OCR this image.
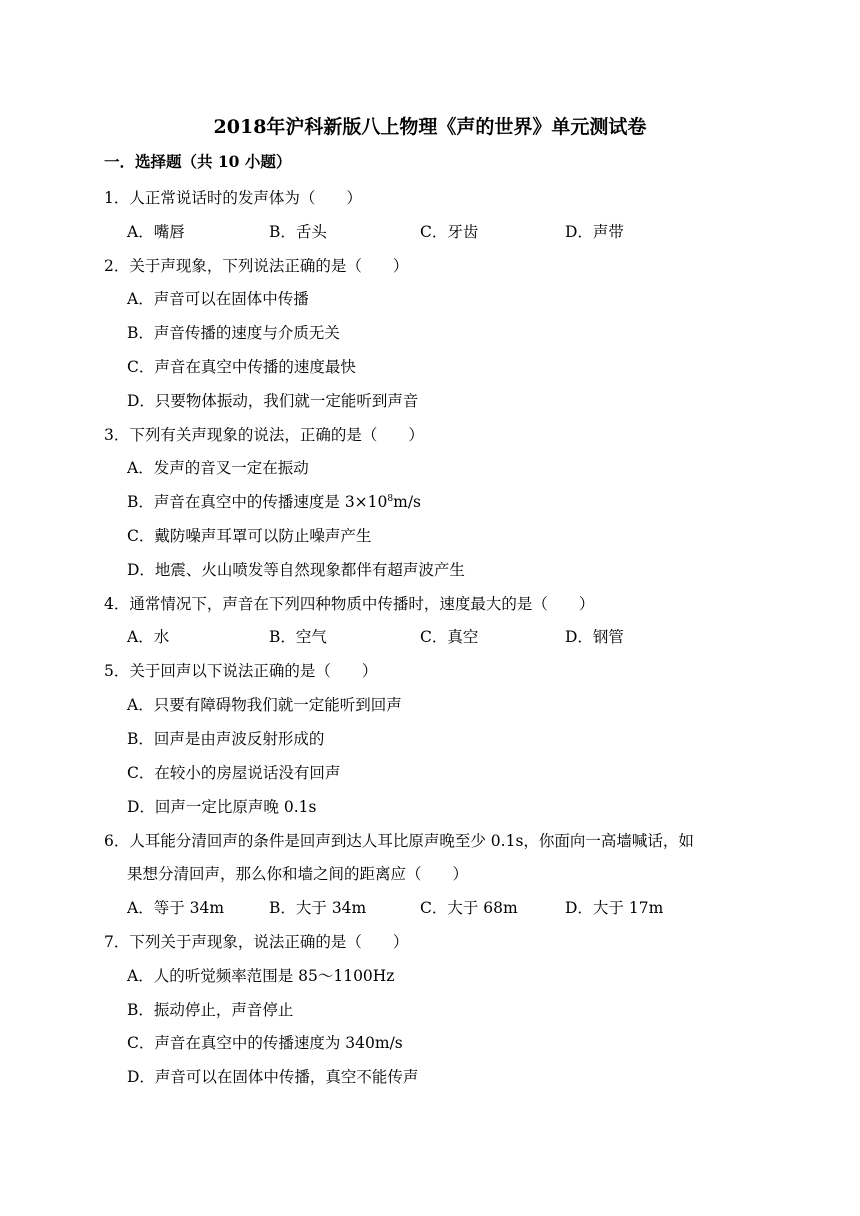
2018年沪科新版八上物理《声的世界》单元测试卷
一．选择题（共 10 小题）
1．人正常说话时的发声体为（　　）
A．嘴唇	B．舌头	C．牙齿	D．声带
2．关于声现象，下列说法正确的是（　　）
A．声音可以在固体中传播
B．声音传播的速度与介质无关
C．声音在真空中传播的速度最快
D．只要物体振动，我们就一定能听到声音
3．下列有关声现象的说法，正确的是（　　）
A．发声的音叉一定在振动
B．声音在真空中的传播速度是 $3\times 10^8m/s$
C．戴防噪声耳罩可以防止噪声产生
D．地震、火山喷发等自然现象都伴有超声波产生
4．通常情况下，声音在下列四种物质中传播时，速度最大的是（　　）
A．水	B．空气	C．真空	D．钢管
5．关于回声以下说法正确的是（　　）
A．只要有障碍物我们就一定能听到回声
B．回声是由声波反射形成的
C．在较小的房屋说话没有回声
D．回声一定比原声晚 0.1s
6．人耳能分清回声的条件是回声到达人耳比原声晚至少 0.1s，你面向一高墙喊话，如
果想分清回声，那么你和墙之间的距离应（　　）
A．等于 34m	B．大于 34m	C．大于 68m	D．大于 17m
7．下列关于声现象，说法正确的是（　　）
A．人的听觉频率范围是 85～1100Hz
B．振动停止，声音停止
C．声音在真空中的传播速度为 340m/s
D．声音可以在固体中传播，真空不能传声
